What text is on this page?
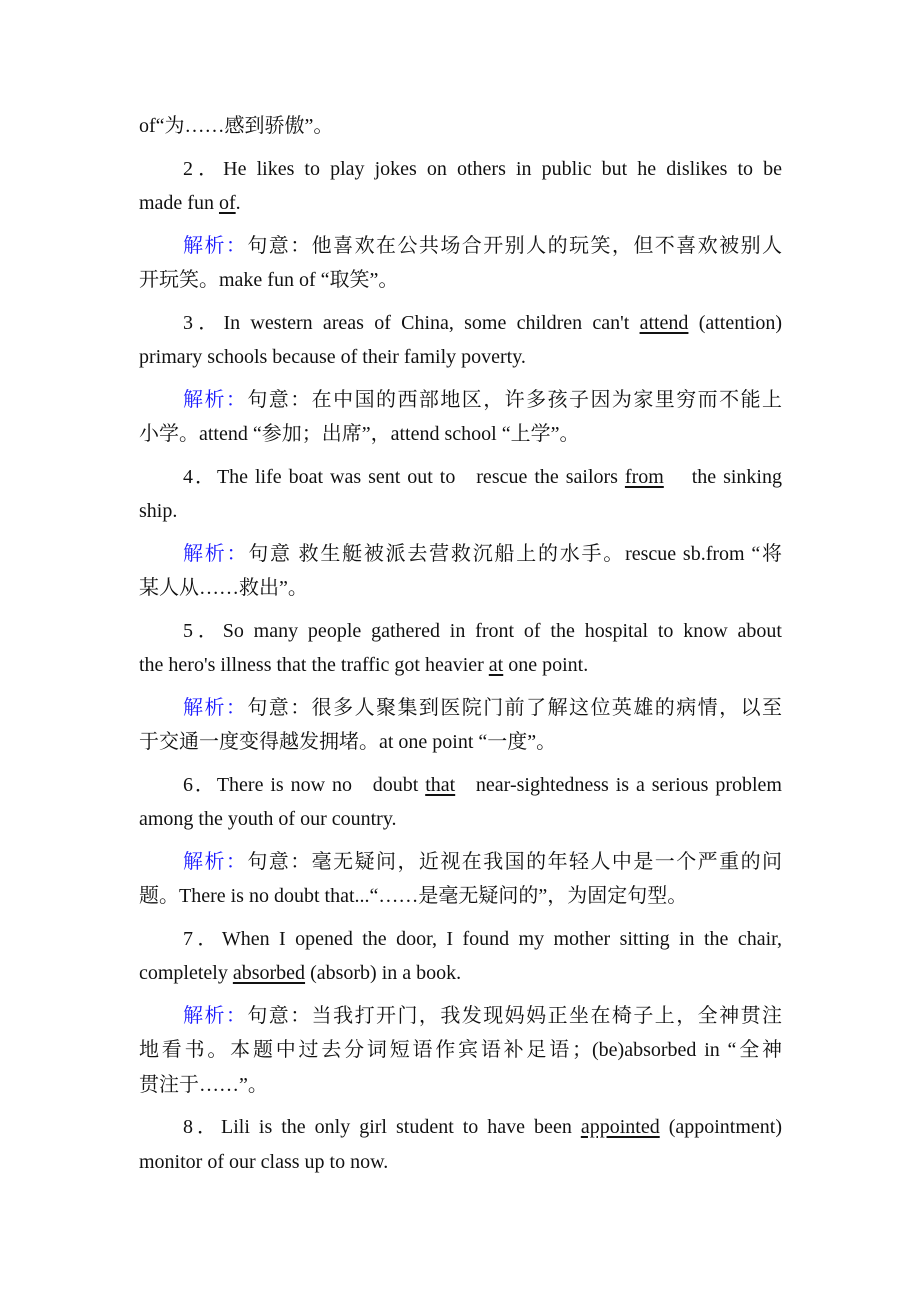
of“为……感到骄傲”。
2．He likes to play jokes on others in public but he dislikes to be
made fun of.
解析：句意：他喜欢在公共场合开别人的玩笑，但不喜欢被别人
开玩笑。make fun of “取笑”。
3．In western areas of China, some children can't attend (attention)
primary schools because of their family poverty.
解析：句意：在中国的西部地区，许多孩子因为家里穷而不能上
小学。attend “参加；出席”，attend school “上学”。
4．The life boat was sent out to   rescue the sailors from    the sinking
ship.
解析：句意 救生艇被派去营救沉船上的水手。rescue sb.from “将
某人从……救出”。
5．So many people gathered in front of the hospital to know about
the hero's illness that the traffic got heavier at one point.
解析：句意：很多人聚集到医院门前了解这位英雄的病情，以至
于交通一度变得越发拥堵。at one point “一度”。
6．There is now no   doubt that   near-sightedness is a serious problem
among the youth of our country.
解析：句意：毫无疑问，近视在我国的年轻人中是一个严重的问
题。There is no doubt that...“……是毫无疑问的”，为固定句型。
7．When I opened the door, I found my mother sitting in the chair,
completely absorbed (absorb) in a book.
解析：句意：当我打开门，我发现妈妈正坐在椅子上，全神贯注
地看书。本题中过去分词短语作宾语补足语；(be)absorbed in “全神
贯注于……”。
8．Lili is the only girl student to have been appointed (appointment)
monitor of our class up to now.
